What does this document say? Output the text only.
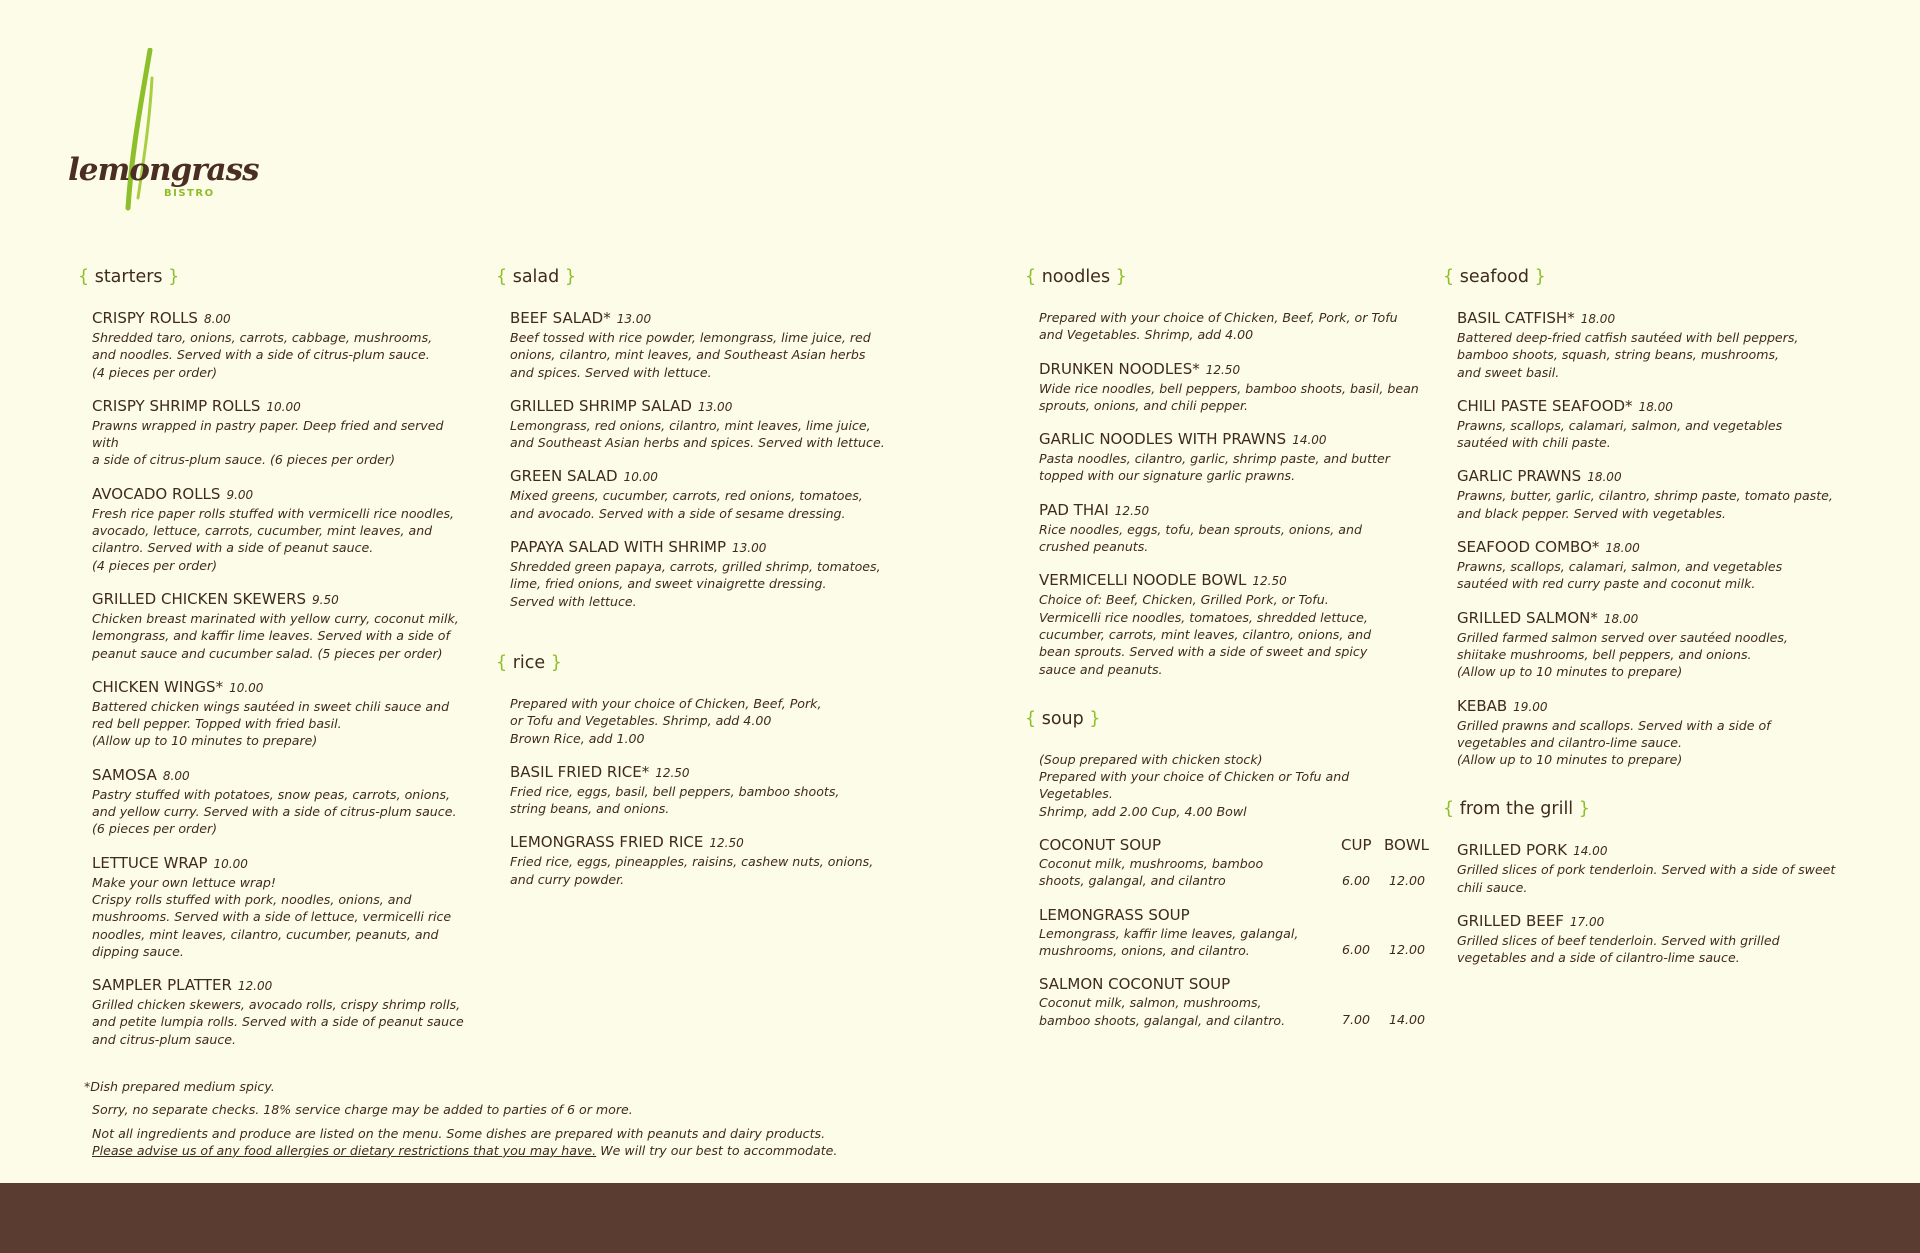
lemongrass
BISTRO
{ starters }
CRISPY ROLLS 8.00
Shredded taro, onions, carrots, cabbage, mushrooms,
and noodles. Served with a side of citrus-plum sauce.
(4 pieces per order)
CRISPY SHRIMP ROLLS 10.00
Prawns wrapped in pastry paper. Deep fried and served with
a side of citrus-plum sauce. (6 pieces per order)
AVOCADO ROLLS 9.00
Fresh rice paper rolls stuffed with vermicelli rice noodles,
avocado, lettuce, carrots, cucumber, mint leaves, and
cilantro. Served with a side of peanut sauce.
(4 pieces per order)
GRILLED CHICKEN SKEWERS 9.50
Chicken breast marinated with yellow curry, coconut milk,
lemongrass, and kaffir lime leaves. Served with a side of
peanut sauce and cucumber salad. (5 pieces per order)
CHICKEN WINGS* 10.00
Battered chicken wings sautéed in sweet chili sauce and
red bell pepper. Topped with fried basil.
(Allow up to 10 minutes to prepare)
SAMOSA 8.00
Pastry stuffed with potatoes, snow peas, carrots, onions,
and yellow curry. Served with a side of citrus-plum sauce.
(6 pieces per order)
LETTUCE WRAP 10.00
Make your own lettuce wrap!
Crispy rolls stuffed with pork, noodles, onions, and
mushrooms. Served with a side of lettuce, vermicelli rice
noodles, mint leaves, cilantro, cucumber, peanuts, and
dipping sauce.
SAMPLER PLATTER 12.00
Grilled chicken skewers, avocado rolls, crispy shrimp rolls,
and petite lumpia rolls. Served with a side of peanut sauce
and citrus-plum sauce.
{ salad }
BEEF SALAD* 13.00
Beef tossed with rice powder, lemongrass, lime juice, red
onions, cilantro, mint leaves, and Southeast Asian herbs
and spices. Served with lettuce.
GRILLED SHRIMP SALAD 13.00
Lemongrass, red onions, cilantro, mint leaves, lime juice,
and Southeast Asian herbs and spices. Served with lettuce.
GREEN SALAD 10.00
Mixed greens, cucumber, carrots, red onions, tomatoes,
and avocado. Served with a side of sesame dressing.
PAPAYA SALAD WITH SHRIMP 13.00
Shredded green papaya, carrots, grilled shrimp, tomatoes,
lime, fried onions, and sweet vinaigrette dressing.
Served with lettuce.
{ rice }
Prepared with your choice of Chicken, Beef, Pork,
or Tofu and Vegetables. Shrimp, add 4.00
Brown Rice, add 1.00
BASIL FRIED RICE* 12.50
Fried rice, eggs, basil, bell peppers, bamboo shoots,
string beans, and onions.
LEMONGRASS FRIED RICE 12.50
Fried rice, eggs, pineapples, raisins, cashew nuts, onions,
and curry powder.
{ noodles }
Prepared with your choice of Chicken, Beef, Pork, or Tofu
and Vegetables. Shrimp, add 4.00
DRUNKEN NOODLES* 12.50
Wide rice noodles, bell peppers, bamboo shoots, basil, bean
sprouts, onions, and chili pepper.
GARLIC NOODLES WITH PRAWNS 14.00
Pasta noodles, cilantro, garlic, shrimp paste, and butter
topped with our signature garlic prawns.
PAD THAI 12.50
Rice noodles, eggs, tofu, bean sprouts, onions, and
crushed peanuts.
VERMICELLI NOODLE BOWL 12.50
Choice of: Beef, Chicken, Grilled Pork, or Tofu.
Vermicelli rice noodles, tomatoes, shredded lettuce,
cucumber, carrots, mint leaves, cilantro, onions, and
bean sprouts. Served with a side of sweet and spicy
sauce and peanuts.
{ soup }
(Soup prepared with chicken stock)
Prepared with your choice of Chicken or Tofu and Vegetables.
Shrimp, add 2.00 Cup, 4.00 Bowl
COCONUT SOUP	CUP BOWL
Coconut milk, mushrooms, bamboo
shoots, galangal, and cilantro	6.00 12.00
LEMONGRASS SOUP
Lemongrass, kaffir lime leaves, galangal,
mushrooms, onions, and cilantro.	6.00 12.00
SALMON COCONUT SOUP
Coconut milk, salmon, mushrooms,
bamboo shoots, galangal, and cilantro.	7.00 14.00
{ seafood }
BASIL CATFISH* 18.00
Battered deep-fried catfish sautéed with bell peppers,
bamboo shoots, squash, string beans, mushrooms,
and sweet basil.
CHILI PASTE SEAFOOD* 18.00
Prawns, scallops, calamari, salmon, and vegetables
sautéed with chili paste.
GARLIC PRAWNS 18.00
Prawns, butter, garlic, cilantro, shrimp paste, tomato paste,
and black pepper. Served with vegetables.
SEAFOOD COMBO* 18.00
Prawns, scallops, calamari, salmon, and vegetables
sautéed with red curry paste and coconut milk.
GRILLED SALMON* 18.00
Grilled farmed salmon served over sautéed noodles,
shiitake mushrooms, bell peppers, and onions.
(Allow up to 10 minutes to prepare)
KEBAB 19.00
Grilled prawns and scallops. Served with a side of
vegetables and cilantro-lime sauce.
(Allow up to 10 minutes to prepare)
{ from the grill }
GRILLED PORK 14.00
Grilled slices of pork tenderloin. Served with a side of sweet
chili sauce.
GRILLED BEEF 17.00
Grilled slices of beef tenderloin. Served with grilled
vegetables and a side of cilantro-lime sauce.

*Dish prepared medium spicy.

Sorry, no separate checks. 18% service charge may be added to parties of 6 or more.

Not all ingredients and produce are listed on the menu. Some dishes are prepared with peanuts and dairy products.

Please advise us of any food allergies or dietary restrictions that you may have. We will try our best to accommodate.
